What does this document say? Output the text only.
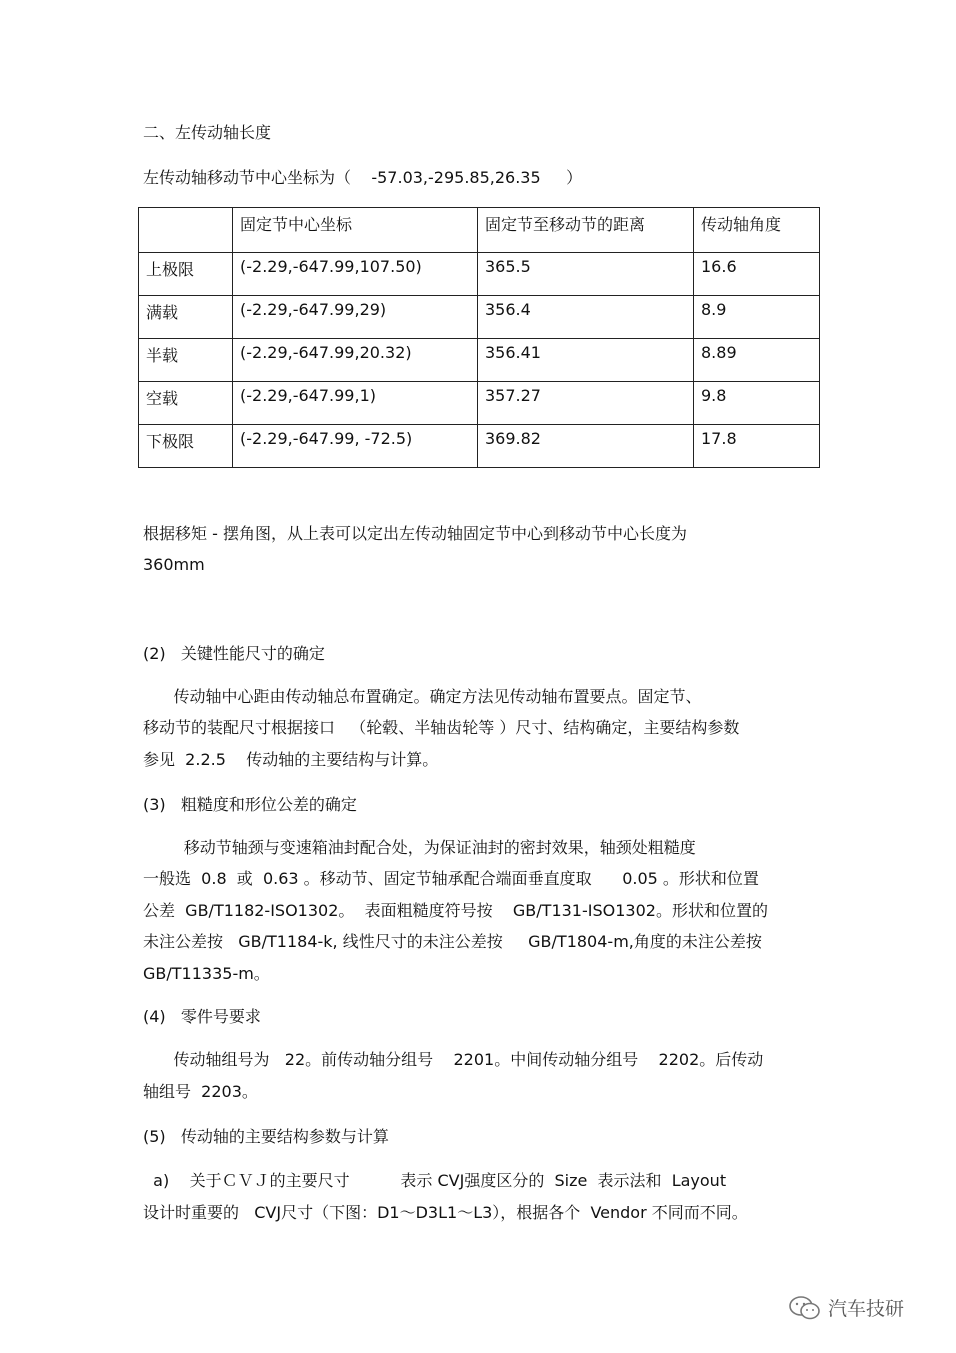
二、左传动轴长度

左传动轴移动节中心坐标为（    -57.03,-295.85,26.35     ）

	固定节中心坐标	固定节至移动节的距离	传动轴角度
上极限	(-2.29,-647.99,107.50)	365.5	16.6
满载	(-2.29,-647.99,29)	356.4	8.9
半载	(-2.29,-647.99,20.32)	356.41	8.89
空载	(-2.29,-647.99,1)	357.27	9.8
下极限	(-2.29,-647.99, -72.5)	369.82	17.8

根据移矩 - 摆角图，从上表可以定出左传动轴固定节中心到移动节中心长度为

360mm

(2)   关键性能尺寸的确定

传动轴中心距由传动轴总布置确定。确定方法见传动轴布置要点。固定节、

移动节的装配尺寸根据接口   （轮毂、半轴齿轮等 ）尺寸、结构确定，主要结构参数

参见  2.2.5    传动轴的主要结构与计算。

(3)   粗糙度和形位公差的确定

移动节轴颈与变速箱油封配合处，为保证油封的密封效果，轴颈处粗糙度

一般选  0.8  或  0.63 。移动节、固定节轴承配合端面垂直度取      0.05 。形状和位置

公差  GB/T1182-ISO1302。  表面粗糙度符号按    GB/T131-ISO1302。形状和位置的

未注公差按   GB/T1184-k, 线性尺寸的未注公差按     GB/T1804-m,角度的未注公差按

GB/T11335-m。

(4)   零件号要求

传动轴组号为   22。前传动轴分组号    2201。中间传动轴分组号    2202。后传动

轴组号  2203。

(5)   传动轴的主要结构参数与计算

a)    关于ＣＶＪ的主要尺寸          表示 CVJ强度区分的  Size  表示法和  Layout

设计时重要的   CVJ尺寸（下图：D1～D3L1～L3），根据各个  Vendor 不同而不同。

汽车技研
